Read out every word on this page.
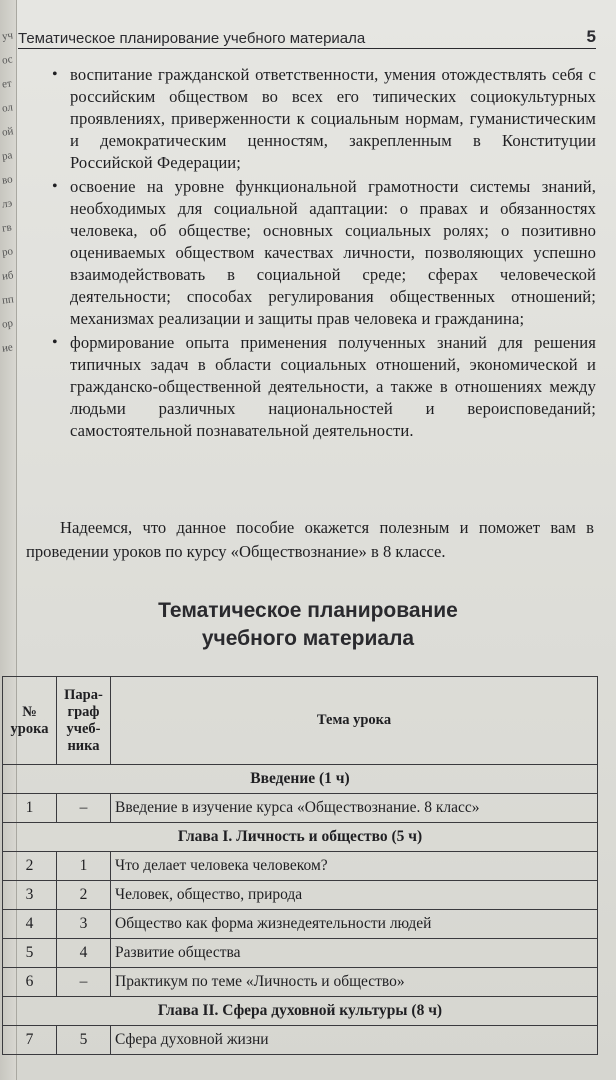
уч
ос
ет
ол
ой
ра
во
лэ
гв
ро
иб
пп
ор
ие
Тематическое планирование учебного материала	5
• воспитание гражданской ответственности, умения отождествлять себя с российским обществом во всех его типических социокультурных проявлениях, приверженности к социальным нормам, гуманистическим и демократическим ценностям, закрепленным в Конституции Российской Федерации;
• освоение на уровне функциональной грамотности системы знаний, необходимых для социальной адаптации: о правах и обязанностях человека, об обществе; основных социальных ролях; о позитивно оцениваемых обществом качествах личности, позволяющих успешно взаимодействовать в социальной среде; сферах человеческой деятельности; способах регулирования общественных отношений; механизмах реализации и защиты прав человека и гражданина;
• формирование опыта применения полученных знаний для решения типичных задач в области социальных отношений, экономической и гражданско-общественной деятельности, а также в отношениях между людьми различных национальностей и вероисповеданий; самостоятельной познавательной деятельности.
Надеемся, что данное пособие окажется полезным и поможет вам в проведении уроков по курсу «Обществознание» в 8 классе.
Тематическое планирование
учебного материала
№ урока	Пара-
граф
учеб-
ника	Тема урока
Введение (1 ч)		
1	–	Введение в изучение курса «Обществознание. 8 класс»
Глава I. Личность и общество (5 ч)		
2	1	Что делает человека человеком?
3	2	Человек, общество, природа
4	3	Общество как форма жизнедеятельности людей
5	4	Развитие общества
6	–	Практикум по теме «Личность и общество»
Глава II. Сфера духовной культуры (8 ч)		
7	5	Сфера духовной жизни
